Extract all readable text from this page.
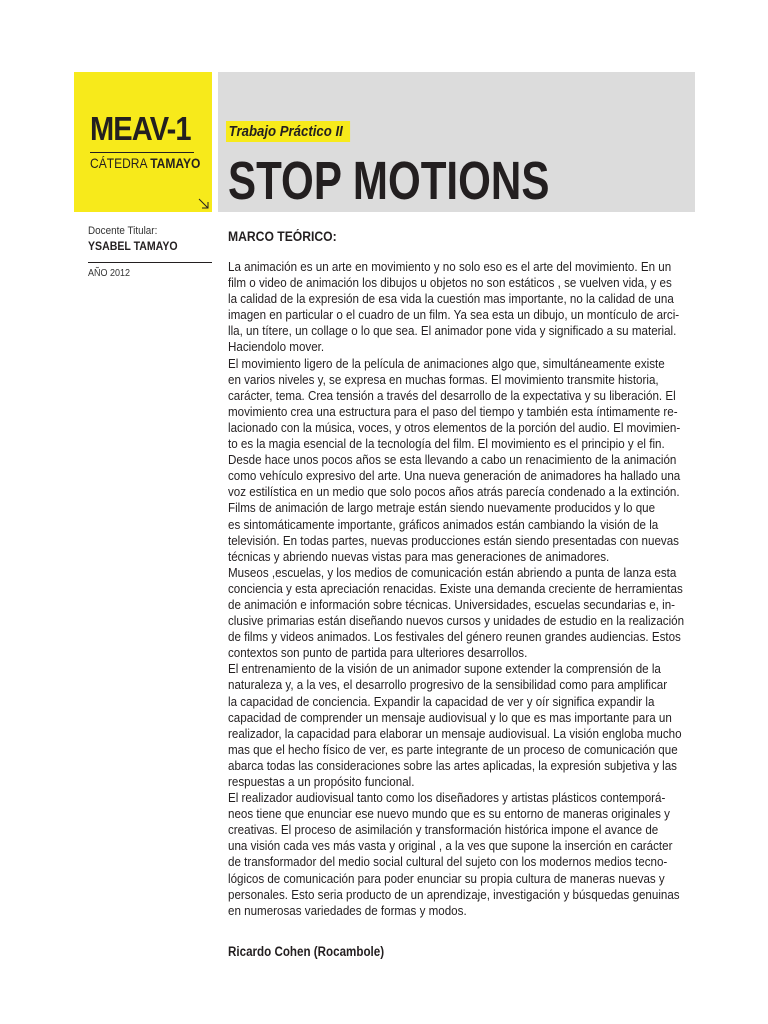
MEAV-1
CÁTEDRA TAMAYO
Trabajo Práctico II
STOP MOTIONS
Docente Titular:
YSABEL TAMAYO
AÑO 2012
MARCO TEÓRICO:
La animación es un arte en movimiento y no solo eso es el arte del movimiento. En un
film o video de animación los dibujos u objetos no son estáticos , se vuelven vida, y es
la calidad de la expresión de esa vida la cuestión mas importante, no la calidad de una
imagen en particular o el cuadro de un film. Ya sea esta un dibujo, un montículo de arci-
lla, un títere, un collage o lo que sea. El animador pone vida y significado a su material.
Haciendolo mover.
El movimiento ligero de la película de animaciones algo que, simultáneamente existe
en varios niveles y, se expresa en muchas formas. El movimiento transmite historia,
carácter, tema. Crea tensión a través del desarrollo de la expectativa y su liberación. El
movimiento crea una estructura para el paso del tiempo y también esta íntimamente re-
lacionado con la música, voces, y otros elementos de la porción del audio. El movimien-
to es la magia esencial de la tecnología del film. El movimiento es el principio y el fin.
Desde hace unos pocos años se esta llevando a cabo un renacimiento de la animación
como vehículo expresivo del arte. Una nueva generación de animadores ha hallado una
voz estilística en un medio que solo pocos años atrás parecía condenado a la extinción.
Films de animación de largo metraje están siendo nuevamente producidos y lo que
es sintomáticamente importante, gráficos animados están cambiando la visión de la
televisión. En todas partes, nuevas producciones están siendo presentadas con nuevas
técnicas y abriendo nuevas vistas para mas generaciones de animadores.
Museos ,escuelas, y los medios de comunicación están abriendo a punta de lanza esta
conciencia y esta apreciación renacidas. Existe una demanda creciente de herramientas
de animación e información sobre técnicas. Universidades, escuelas secundarias e, in-
clusive primarias están diseñando nuevos cursos y unidades de estudio en la realización
de films y videos animados. Los festivales del género reunen grandes audiencias. Estos
contextos son punto de partida para ulteriores desarrollos.
El entrenamiento de la visión de un animador supone extender la comprensión de la
naturaleza y, a la ves, el desarrollo progresivo de la sensibilidad como para amplificar
la capacidad de conciencia. Expandir la capacidad de ver y oír significa expandir la
capacidad de comprender un mensaje audiovisual y lo que es mas importante para un
realizador, la capacidad para elaborar un mensaje audiovisual. La visión engloba mucho
mas que el hecho físico de ver, es parte integrante de un proceso de comunicación que
abarca todas las consideraciones sobre las artes aplicadas, la expresión subjetiva y las
respuestas a un propósito funcional.
El realizador audiovisual tanto como los diseñadores y artistas plásticos contemporá-
neos tiene que enunciar ese nuevo mundo que es su entorno de maneras originales y
creativas. El proceso de asimilación y transformación histórica impone el avance de
una visión cada ves más vasta y original , a la ves que supone la inserción en carácter
de transformador del medio social cultural del sujeto con los modernos medios tecno-
lógicos de comunicación para poder enunciar su propia cultura de maneras nuevas y
personales. Esto seria producto de un aprendizaje, investigación y búsquedas genuinas
en numerosas variedades de formas y modos.
Ricardo Cohen (Rocambole)
